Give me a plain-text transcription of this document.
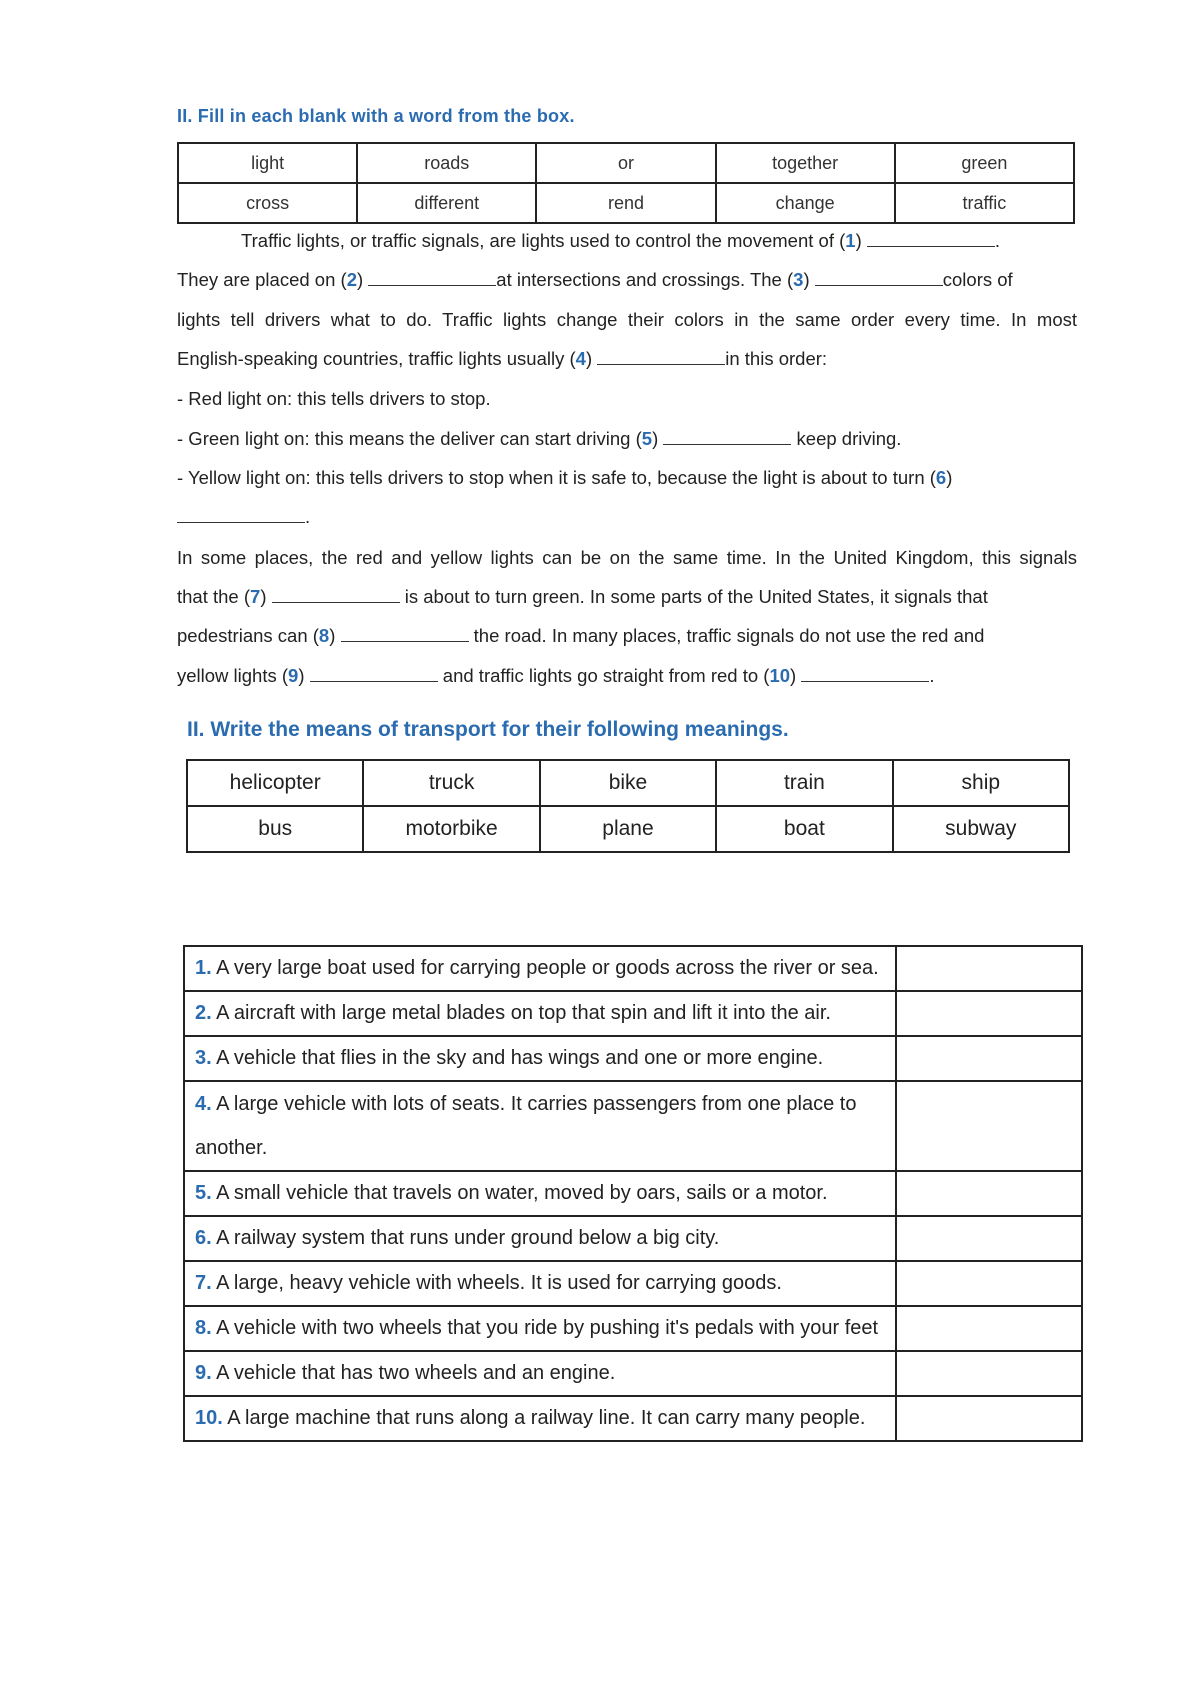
II. Fill in each blank with a word from the box.
light	roads	or	together	green
cross	different	rend	change	traffic
Traffic lights, or traffic signals, are lights used to control the movement of (1)	.
They are placed on (2)	at intersections and crossings. The (3)	colors of
lights tell drivers what to do. Traffic lights change their colors in the same order every time. In most
English-speaking countries, traffic lights usually (4)	in this order:
- Red light on: this tells drivers to stop.
- Green light on: this means the deliver can start driving (5)	keep driving.
- Yellow light on: this tells drivers to stop when it is safe to, because the light is about to turn (6)
.
In some places, the red and yellow lights can be on the same time. In the United Kingdom, this signals
that the (7)	is about to turn green. In some parts of the United States, it signals that
pedestrians can (8)	the road. In many places, traffic signals do not use the red and
yellow lights (9)	and traffic lights go straight from red to (10)	.
II. Write the means of transport for their following meanings.
helicopter	truck	bike	train	ship
bus	motorbike	plane	boat	subway
1. A very large boat used for carrying people or goods across the river or sea.	
2. A aircraft with large metal blades on top that spin and lift it into the air.	
3. A vehicle that flies in the sky and has wings and one or more engine.	
4. A large vehicle with lots of seats. It carries passengers from one place to
another.	
5. A small vehicle that travels on water, moved by oars, sails or a motor.	
6. A railway system that runs under ground below a big city.	
7. A large, heavy vehicle with wheels. It is used for carrying goods.	
8. A vehicle with two wheels that you ride by pushing it's pedals with your feet	
9. A vehicle that has two wheels and an engine.	
10. A large machine that runs along a railway line. It can carry many people.	
